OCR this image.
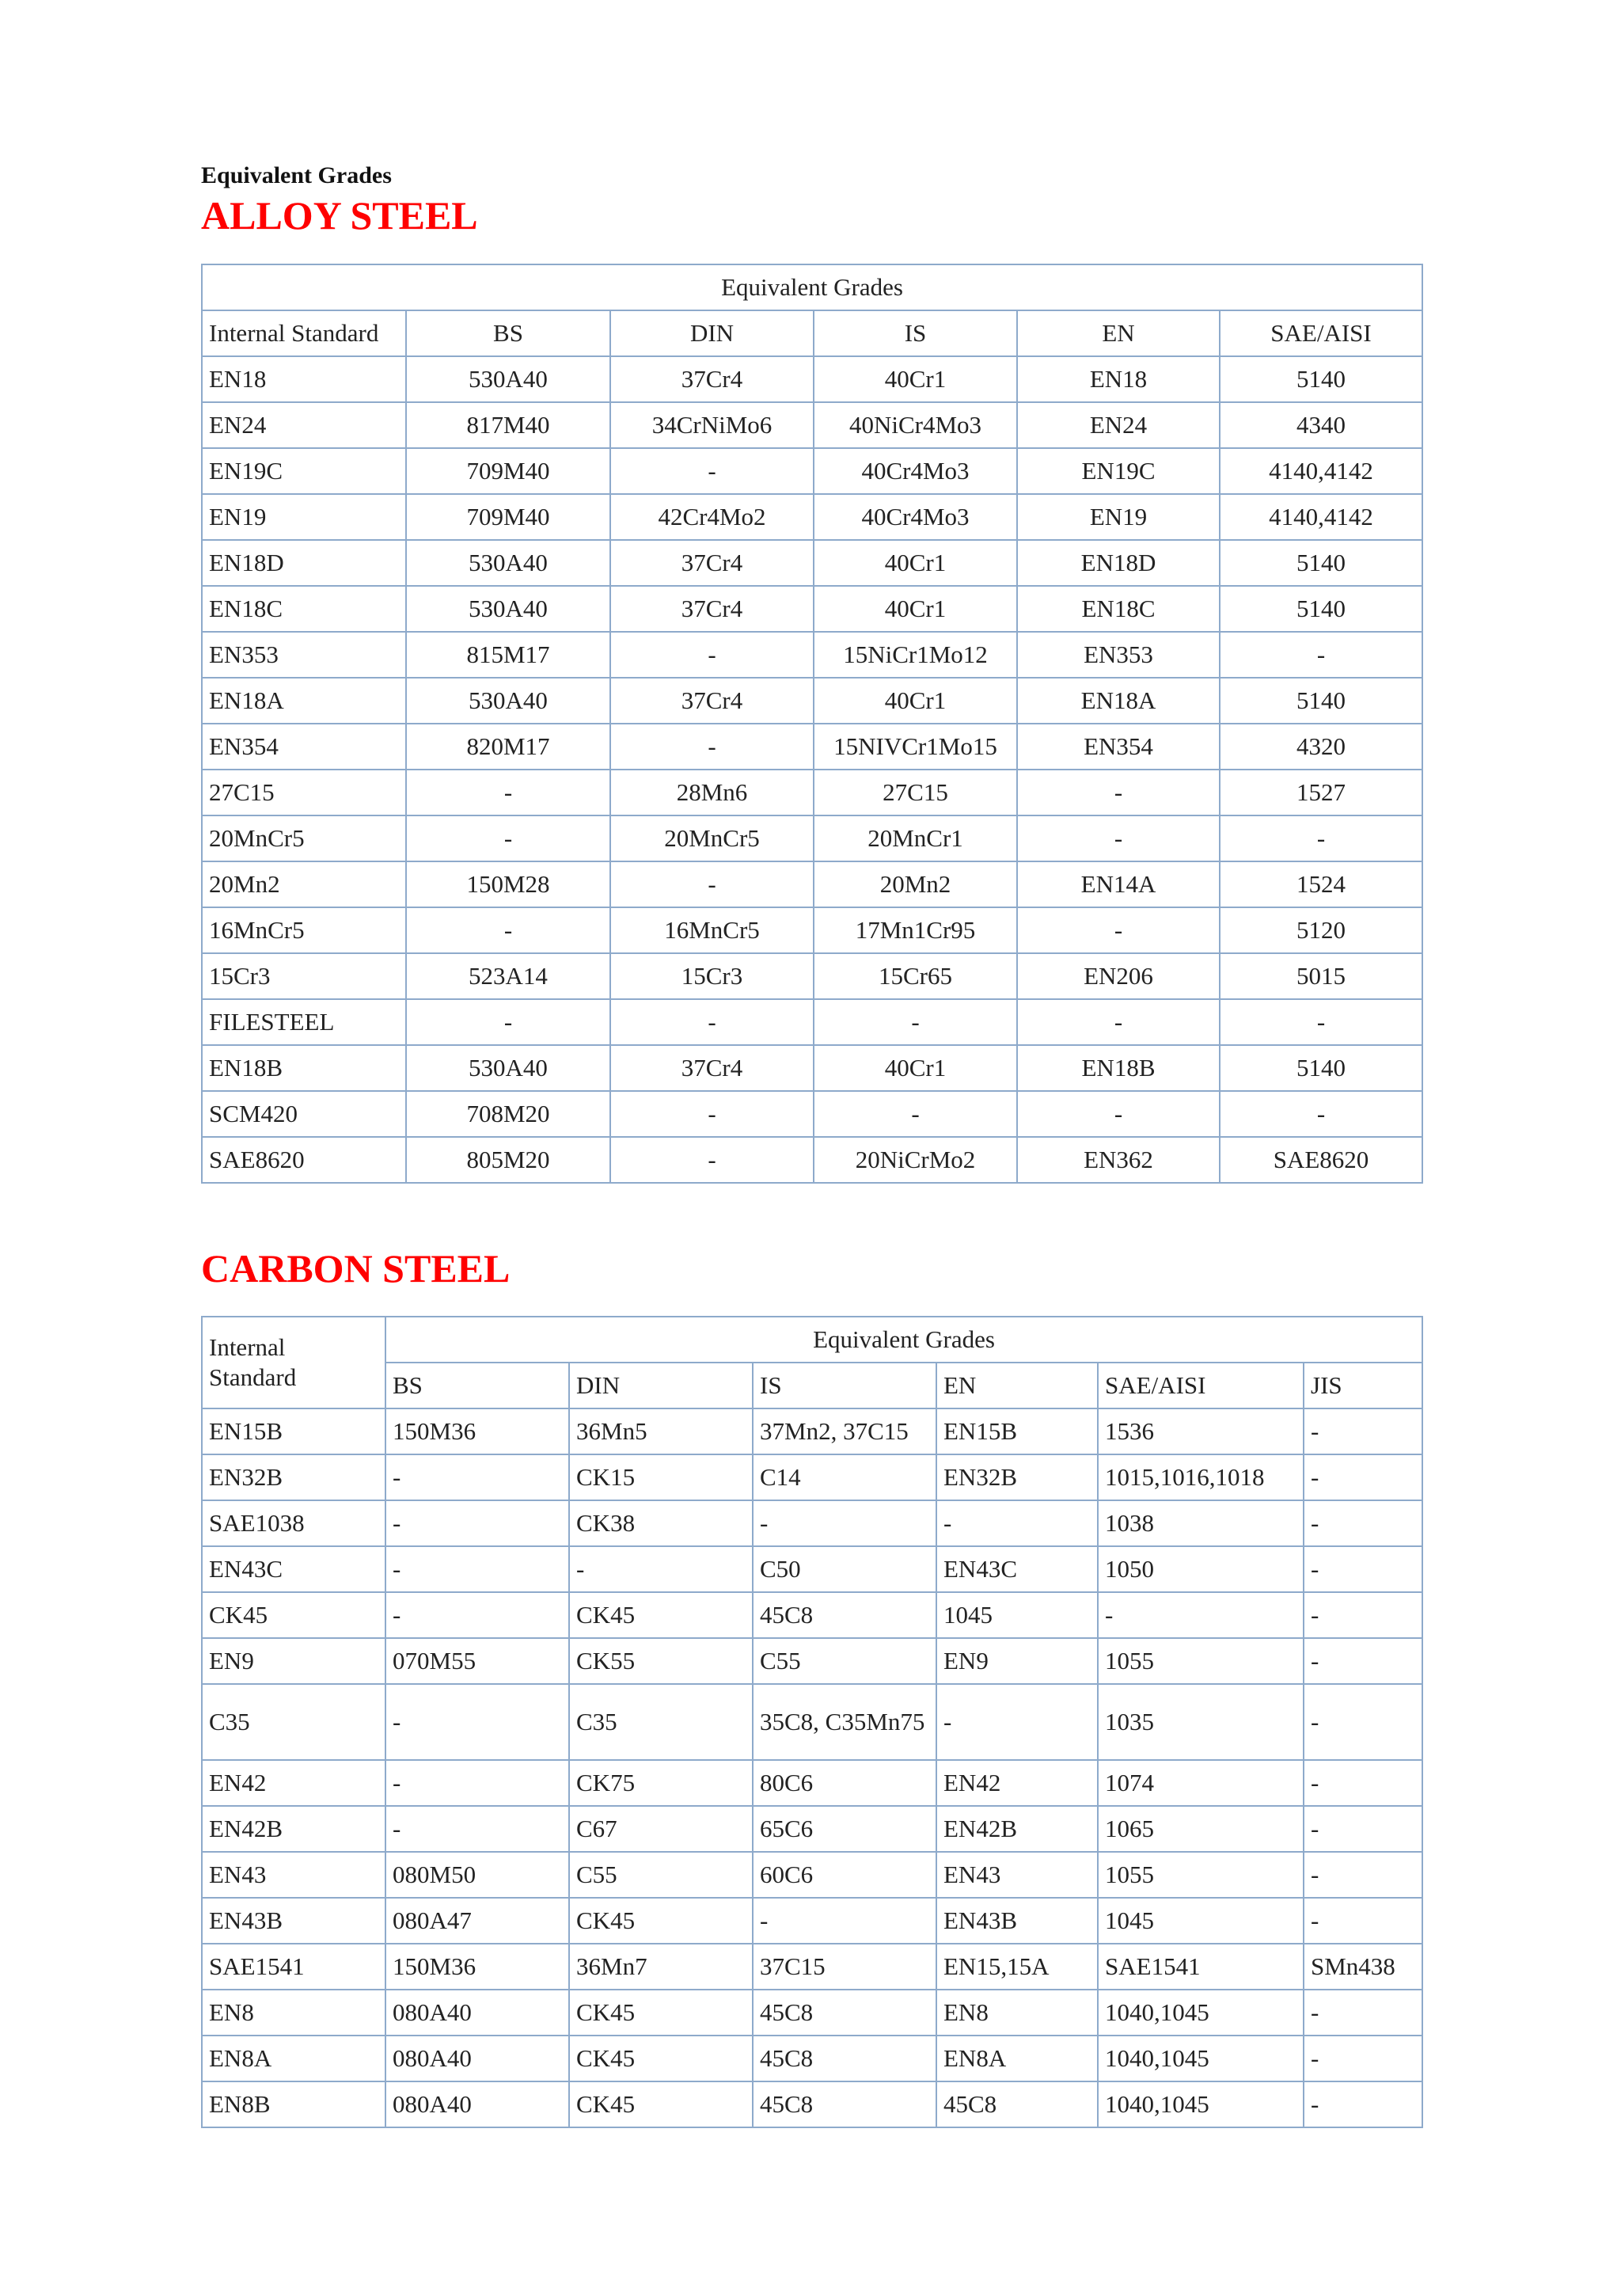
Equivalent Grades
ALLOY STEEL
Equivalent Grades					
Internal Standard	BS	DIN	IS	EN	SAE/AISI
EN18	530A40	37Cr4	40Cr1	EN18	5140
EN24	817M40	34CrNiMo6	40NiCr4Mo3	EN24	4340
EN19C	709M40	-	40Cr4Mo3	EN19C	4140,4142
EN19	709M40	42Cr4Mo2	40Cr4Mo3	EN19	4140,4142
EN18D	530A40	37Cr4	40Cr1	EN18D	5140
EN18C	530A40	37Cr4	40Cr1	EN18C	5140
EN353	815M17	-	15NiCr1Mo12	EN353	-
EN18A	530A40	37Cr4	40Cr1	EN18A	5140
EN354	820M17	-	15NIVCr1Mo15	EN354	4320
27C15	-	28Mn6	27C15	-	1527
20MnCr5	-	20MnCr5	20MnCr1	-	-
20Mn2	150M28	-	20Mn2	EN14A	1524
16MnCr5	-	16MnCr5	17Mn1Cr95	-	5120
15Cr3	523A14	15Cr3	15Cr65	EN206	5015
FILESTEEL	-	-	-	-	-
EN18B	530A40	37Cr4	40Cr1	EN18B	5140
SCM420	708M20	-	-	-	-
SAE8620	805M20	-	20NiCrMo2	EN362	SAE8620
CARBON STEEL
Internal
Standard	Equivalent Grades					
	BS	DIN	IS	EN	SAE/AISI	JIS
EN15B	150M36	36Mn5	37Mn2, 37C15	EN15B	1536	-
EN32B	-	CK15	C14	EN32B	1015,1016,1018	-
SAE1038	-	CK38	-	-	1038	-
EN43C	-	-	C50	EN43C	1050	-
CK45	-	CK45	45C8	1045	-	-
EN9	070M55	CK55	C55	EN9	1055	-
C35	-	C35	35C8, C35Mn75	-	1035	-
EN42	-	CK75	80C6	EN42	1074	-
EN42B	-	C67	65C6	EN42B	1065	-
EN43	080M50	C55	60C6	EN43	1055	-
EN43B	080A47	CK45	-	EN43B	1045	-
SAE1541	150M36	36Mn7	37C15	EN15,15A	SAE1541	SMn438
EN8	080A40	CK45	45C8	EN8	1040,1045	-
EN8A	080A40	CK45	45C8	EN8A	1040,1045	-
EN8B	080A40	CK45	45C8	45C8	1040,1045	-
